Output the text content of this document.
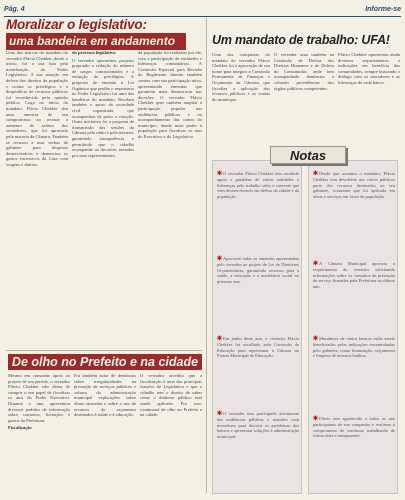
Pág. 4	Informe-se
Moralizar o legislativo:
uma bandeira em andamento

Uma das marcas do mandato do vereador Flávio Chekker, desde o início, foi a sua luta pela moralização do Poder Legislativo. A sua atuação em defesa dos direitos da população e contra os privilégios e o desperdício de recursos públicos foi reconhecida pela opinião pública. Logo no início do mandato, Flávio Chekker deu uma amostra de seu compromisso ao recusar o aumento de salário dos vereadores, que foi aprovado pela maioria da Câmara. Também se recusou a usar verbas de gabinete para despesas desnecessárias e denunciou os gastos excessivos da Casa com viagens e diárias.

do processo legislativo

O vereador apresentou projetos propondo a redução do número de cargos comissionados e a extinção de privilégios. A proposta de emenda à Lei Orgânica que proíbe o nepotismo no Poder Legislativo foi uma das bandeiras do mandato. Recebeu também o apoio da sociedade civil organizada, que acompanhou de perto a votação. Outra iniciativa foi a proposta de transmissão das sessões da Câmara pela rádio e pela internet, garantindo transparência e permitindo que o cidadão acompanhe as decisões tomadas por seus representantes.

da população foi realizado por ele, com a participação de entidades e lideranças comunitárias. A Comissão Especial para Revisão do Regimento Interno também contou com sua participação ativa, apresentando emendas que garantem mais democracia nas decisões. O vereador Flávio Chekker quer também ampliar a participação popular nas audiências públicas e no acompanhamento das contas do município, dando mais poder à população para fiscalizar os atos do Executivo e do Legislativo.

Um mandato de trabalho: UFA!

Uma das conquistas do mandato do vereador Flávio Chekker foi a aprovação de seu nome para integrar a Comissão Permanente de Finanças e Orçamento da Câmara, que fiscaliza a aplicação dos recursos públicos e as contas do município.

O vereador atua também na Comissão de Defesa dos Direitos Humanos e de Defesa do Consumidor, onde tem acompanhado denúncias e cobrado providências dos órgãos públicos competentes.

Flávio Chekker apresentou ainda diversos requerimentos e indicações em benefício das comunidades, sempre buscando o diálogo com os moradores e as lideranças de cada bairro.

✱O vereador Flávio Chekker tem recebido apoio e parabéns de várias entidades e lideranças pelo trabalho sério e coerente que vem desenvolvendo em defesa da cidade e da população.
✱Aprovado todas as emendas apresentadas pelo vereador ao projeto de Lei de Diretrizes Orçamentárias, garantindo recursos para a saúde, a educação e a assistência social no próximo ano.
✱Em junho deste ano, o vereador Flávio Chekker foi escolhido pela Comissão de Educação para representar a Câmara no Fórum Municipal de Educação.
✱O vereador tem participado ativamente das audiências públicas e reuniões com moradores para discutir os problemas dos bairros e apresentar soluções à administração municipal.
✱Desde que assumiu o mandato, Flávio Chekker tem devolvido aos cofres públicos parte dos recursos destinados ao seu gabinete, economia que foi aplicada em obras e serviços em favor da população.
✱A Câmara Municipal aprovou o requerimento do vereador solicitando informações sobre os contratos de prestação de serviço firmados pela Prefeitura no último ano.
✱Moradores de vários bairros estão sendo beneficiados pelas indicações encaminhadas pelo gabinete, como iluminação, calçamento e limpeza de terrenos baldios.
✱Flávio tem agradecido a todos os que participaram de sua campanha e reafirma o compromisso de continuar trabalhando de forma séria e transparente.
Notas
De olho no Prefeito e na cidade

Mesmo em constante apoio ao projeto de seu partido, o vereador Flávio Chekker não deixa de cumprir o seu papel de fiscalizar os atos do Poder Executivo. Durante o ano, apresentou diversos pedidos de informação sobre contratos, licitações e gastos da Prefeitura.

Fiscalização

Foi também autor de denúncias sobre irregularidades na prestação de serviços públicos e cobrou da administração municipal explicações sobre obras atrasadas e sobre o uso de recursos do orçamento destinados à saúde e à educação.

O vereador acredita que a fiscalização é uma das principais funções do Legislativo e que o cidadão tem o direito de saber como o dinheiro público está sendo aplicado. Por isso, continuará de olho no Prefeito e na cidade.
